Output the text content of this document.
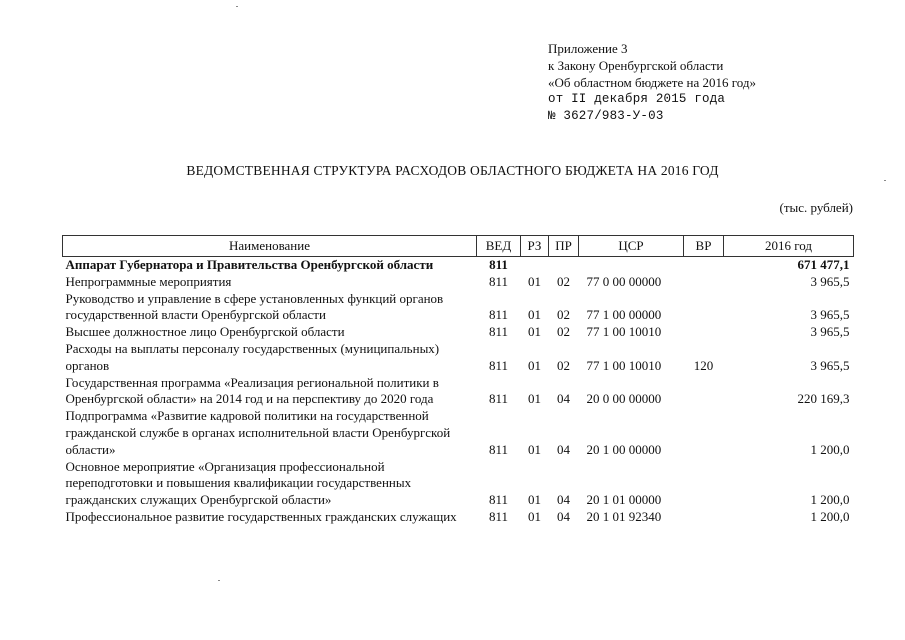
Приложение 3
к Закону Оренбургской области
«Об областном бюджете на 2016 год»
от II декабря 2015 года
№ 3627/983-У-03
ВЕДОМСТВЕННАЯ СТРУКТУРА РАСХОДОВ ОБЛАСТНОГО БЮДЖЕТА НА 2016 ГОД
(тыс. рублей)
Наименование	ВЕД	РЗ	ПР	ЦСР	ВР	2016 год
Аппарат Губернатора и Правительства Оренбургской области	811					671 477,1
Непрограммные мероприятия	811	01	02	77 0 00 00000		3 965,5
Руководство и управление в сфере установленных функций органов государственной власти Оренбургской области	811	01	02	77 1 00 00000		3 965,5
Высшее должностное лицо Оренбургской области	811	01	02	77 1 00 10010		3 965,5
Расходы на выплаты персоналу государственных (муниципальных) органов	811	01	02	77 1 00 10010	120	3 965,5
Государственная программа «Реализация региональной политики в Оренбургской области» на 2014 год и на перспективу до 2020 года	811	01	04	20 0 00 00000		220 169,3
Подпрограмма «Развитие кадровой политики на государственной гражданской службе в органах исполнительной власти Оренбургской области»	811	01	04	20 1 00 00000		1 200,0
Основное мероприятие «Организация профессиональной переподготовки и повышения квалификации государственных гражданских служащих Оренбургской области»	811	01	04	20 1 01 00000		1 200,0
Профессиональное развитие государственных гражданских служащих	811	01	04	20 1 01 92340		1 200,0
